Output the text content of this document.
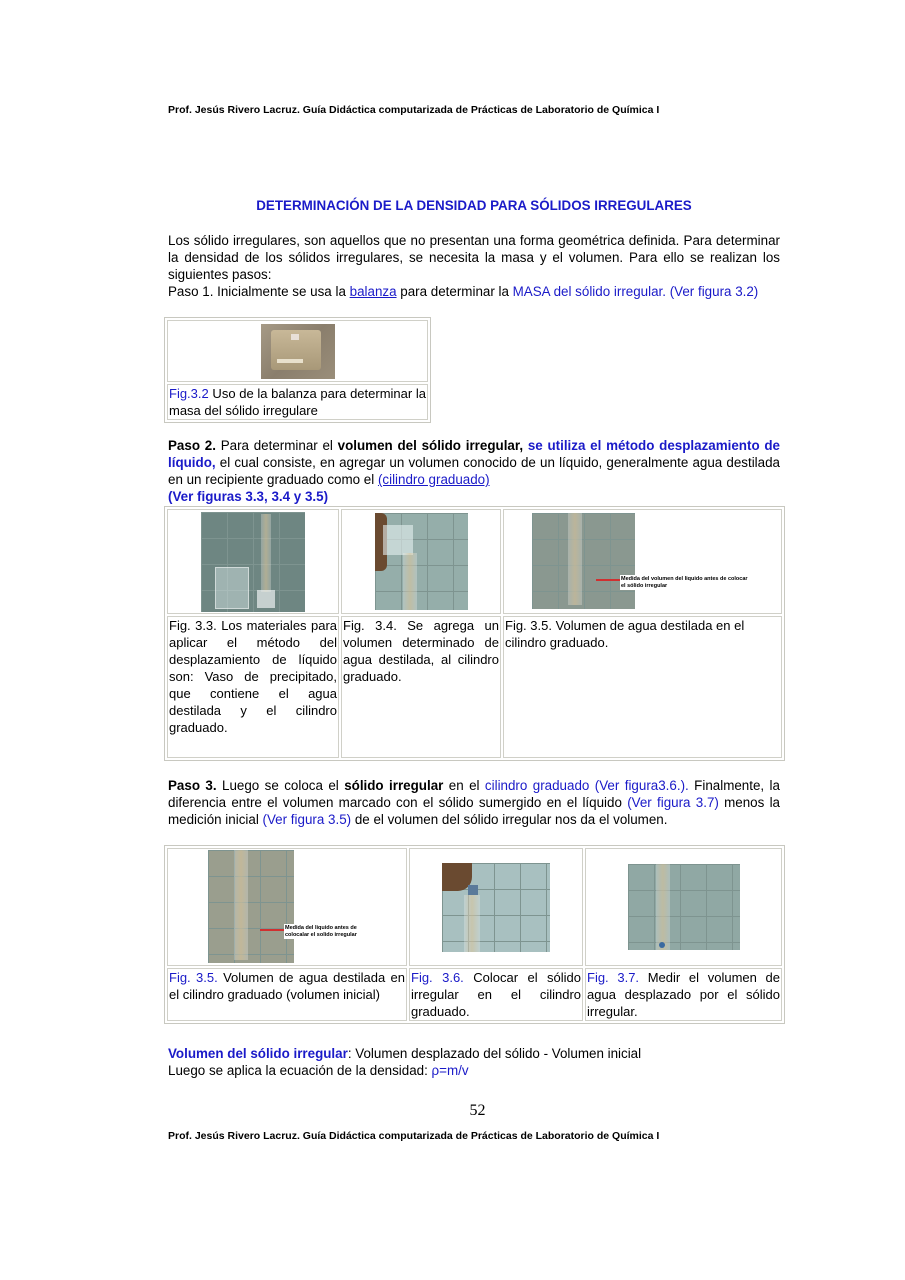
Prof. Jesús Rivero Lacruz. Guía Didáctica computarizada de Prácticas de Laboratorio de Química I
DETERMINACIÓN DE LA DENSIDAD PARA SÓLIDOS IRREGULARES
Los sólido irregulares, son aquellos que no presentan una forma geométrica definida. Para determinar la densidad de los sólidos irregulares, se necesita la masa y el volumen. Para ello se realizan los siguientes pasos:
Paso 1. Inicialmente se usa la balanza para determinar la MASA del sólido irregular. (Ver figura 3.2)

Fig.3.2 Uso de la balanza para determinar la masa del sólido irregulare
Paso 2. Para determinar el volumen del sólido irregular, se utiliza el método desplazamiento de líquido, el cual consiste, en agregar un volumen conocido de un líquido, generalmente agua destilada en un recipiente graduado como el (cilindro graduado)
(Ver figuras 3.3, 3.4 y 3.5)

		Medida del volumen del liquido antes de colocar el sólido irregular

Fig. 3.3. Los materiales para aplicar el método del desplazamiento de líquido son: Vaso de precipitado, que contiene el agua destilada y el cilindro graduado.	Fig. 3.4. Se agrega un volumen determinado de agua destilada, al cilindro graduado.	Fig. 3.5. Volumen de agua destilada en el cilindro graduado.
Paso 3. Luego se coloca el sólido irregular en el cilindro graduado (Ver figura3.6.). Finalmente, la diferencia entre el volumen marcado con el sólido sumergido en el líquido (Ver figura 3.7) menos la medición inicial (Ver figura 3.5) de el volumen del sólido irregular nos da el volumen.
Medida del liquido antes de colocalar el solido irregular		

Fig. 3.5. Volumen de agua destilada en el cilindro graduado (volumen inicial)	Fig. 3.6. Colocar el sólido irregular en el cilindro graduado.	Fig. 3.7. Medir el volumen de agua desplazado por el sólido irregular.
Volumen del sólido irregular: Volumen desplazado del sólido - Volumen inicial
Luego se aplica la ecuación de la densidad: ρ=m/v
52
Prof. Jesús Rivero Lacruz. Guía Didáctica computarizada de Prácticas de Laboratorio de Química I
